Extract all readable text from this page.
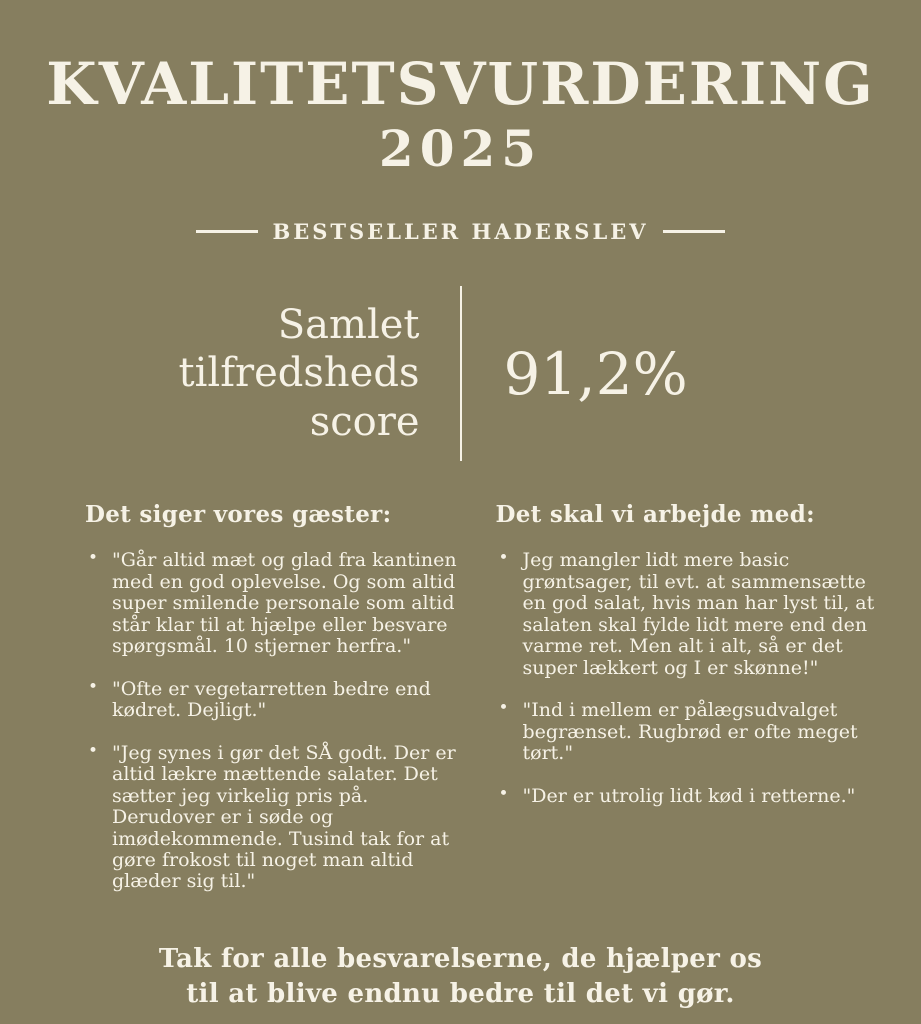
KVALITETSVURDERING
2025
BESTSELLER HADERSLEV
Samlet tilfredsheds score
91,2%
Det siger vores gæster:
• "Går altid mæt og glad fra kantinen med en god oplevelse. Og som altid super smilende personale som altid står klar til at hjælpe eller besvare spørgsmål. 10 stjerner herfra."
• "Ofte er vegetarretten bedre end kødret. Dejligt."
• "Jeg synes i gør det SÅ godt. Der er altid lækre mættende salater. Det sætter jeg virkelig pris på. Derudover er i søde og imødekommende. Tusind tak for at gøre frokost til noget man altid glæder sig til."
Det skal vi arbejde med:
• Jeg mangler lidt mere basic grøntsager, til evt. at sammensætte en god salat, hvis man har lyst til, at salaten skal fylde lidt mere end den varme ret. Men alt i alt, så er det super lækkert og I er skønne!"
• "Ind i mellem er pålægsudvalget begrænset. Rugbrød er ofte meget tørt."
• "Der er utrolig lidt kød i retterne."

Tak for alle besvarelserne, de hjælper os til at blive endnu bedre til det vi gør.
